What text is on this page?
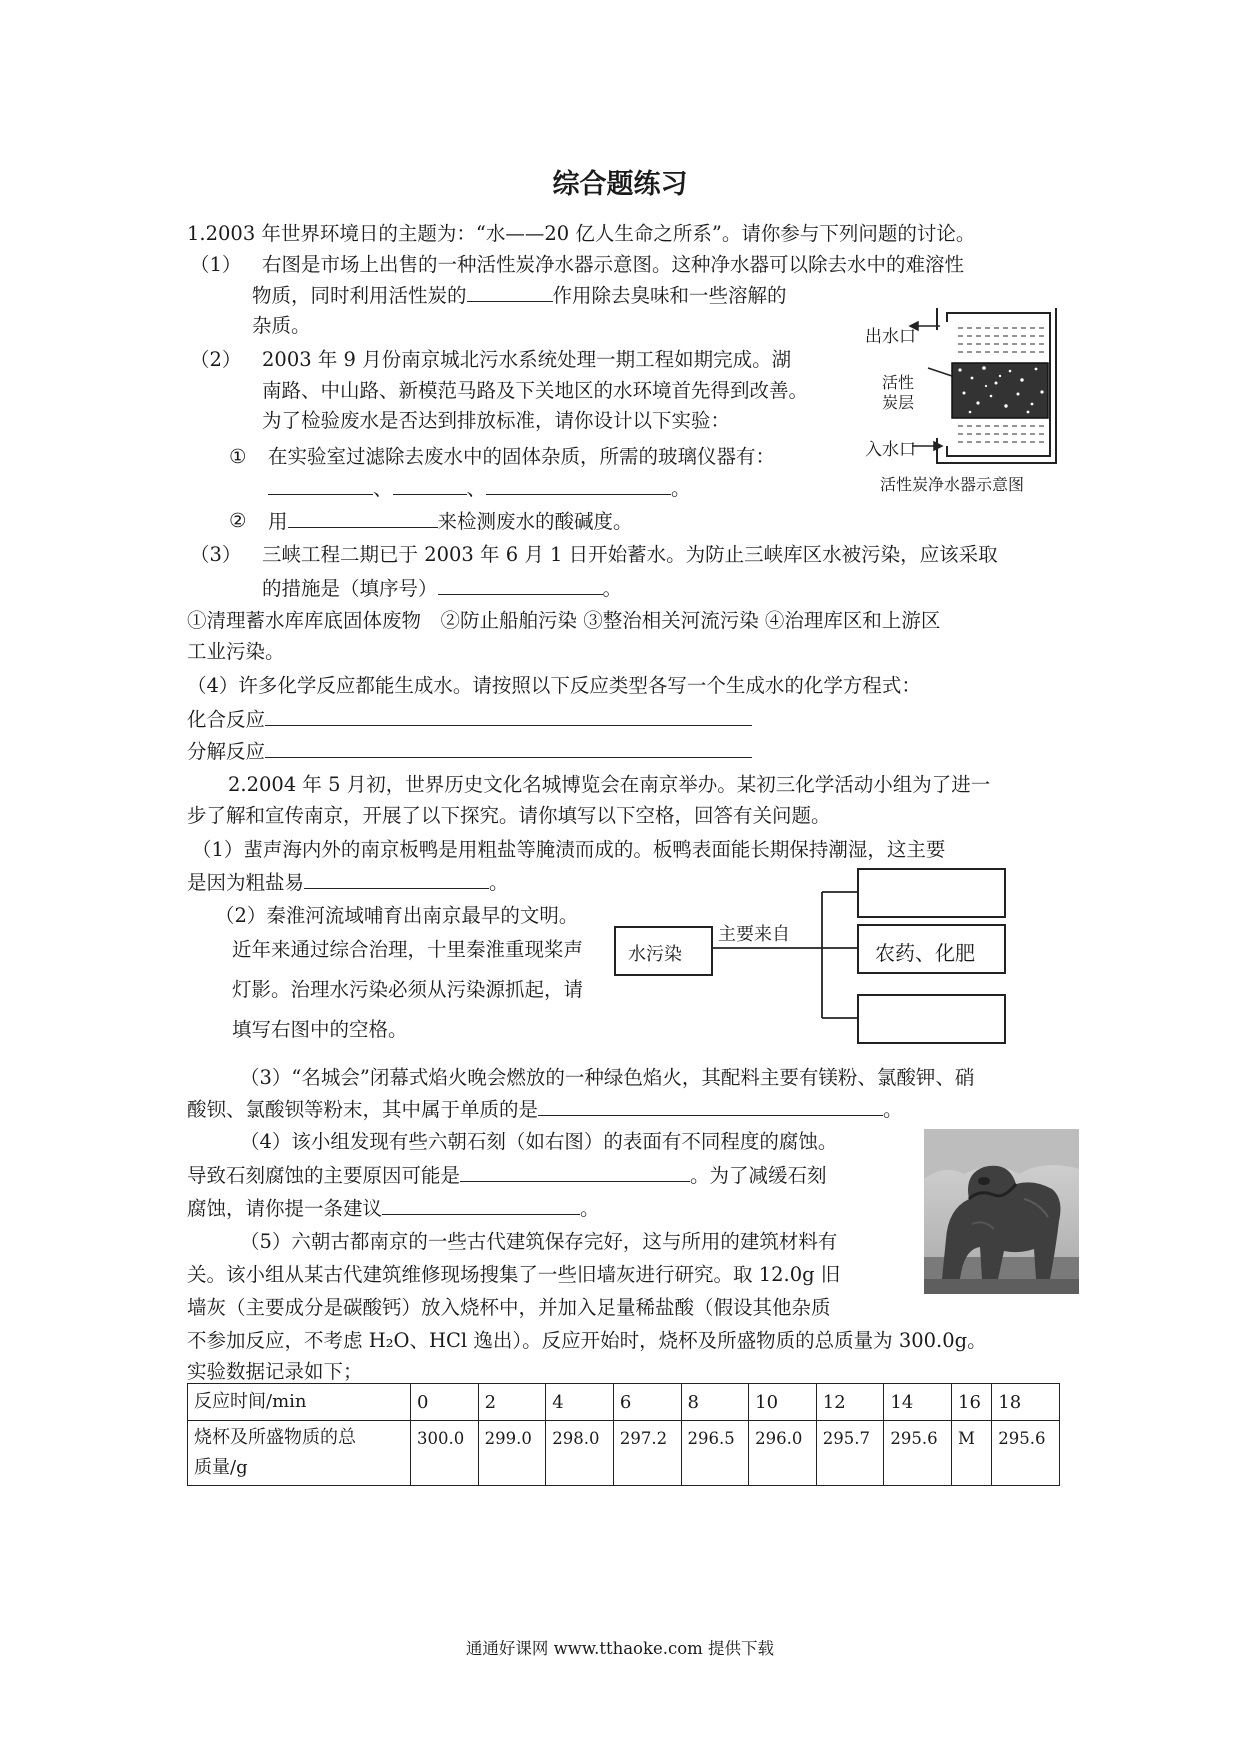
综合题练习
1.2003 年世界环境日的主题为：“水——20 亿人生命之所系”。请你参与下列问题的讨论。
（1） 右图是市场上出售的一种活性炭净水器示意图。这种净水器可以除去水中的难溶性
物质，同时利用活性炭的	作用除去臭味和一些溶解的
杂质。
（2） 2003 年 9 月份南京城北污水系统处理一期工程如期完成。湖
南路、中山路、新模范马路及下关地区的水环境首先得到改善。
为了检验废水是否达到排放标准，请你设计以下实验：
① 在实验室过滤除去废水中的固体杂质，所需的玻璃仪器有：
、	、	。
② 用	来检测废水的酸碱度。
（3） 三峡工程二期已于 2003 年 6 月 1 日开始蓄水。为防止三峡库区水被污染，应该采取
的措施是（填序号）	。
①清理蓄水库库底固体废物　②防止船舶污染 ③整治相关河流污染 ④治理库区和上游区
工业污染。
（4）许多化学反应都能生成水。请按照以下反应类型各写一个生成水的化学方程式：
化合反应
分解反应
出水口
活性
炭层
入水口
活性炭净水器示意图
2.2004 年 5 月初，世界历史文化名城博览会在南京举办。某初三化学活动小组为了进一
步了解和宣传南京，开展了以下探究。请你填写以下空格，回答有关问题。
（1）蜚声海内外的南京板鸭是用粗盐等腌渍而成的。板鸭表面能长期保持潮湿，这主要
是因为粗盐易	。
（2）秦淮河流域哺育出南京最早的文明。
近年来通过综合治理，十里秦淮重现桨声
灯影。治理水污染必须从污染源抓起，请
填写右图中的空格。
水污染
主要来自
农药、化肥
（3）“名城会”闭幕式焰火晚会燃放的一种绿色焰火，其配料主要有镁粉、氯酸钾、硝
酸钡、氯酸钡等粉末，其中属于单质的是	。
（4）该小组发现有些六朝石刻（如右图）的表面有不同程度的腐蚀。
导致石刻腐蚀的主要原因可能是	。为了减缓石刻
腐蚀，请你提一条建议	。
（5）六朝古都南京的一些古代建筑保存完好，这与所用的建筑材料有
关。该小组从某古代建筑维修现场搜集了一些旧墙灰进行研究。取 12.0g 旧
墙灰（主要成分是碳酸钙）放入烧杯中，并加入足量稀盐酸（假设其他杂质
不参加反应，不考虑 H₂O、HCl 逸出）。反应开始时，烧杯及所盛物质的总质量为 300.0g。
实验数据记录如下；
反应时间/min	0	2	4	6	8	10	12	14	16	18

烧杯及所盛物质的总
质量/g	300.0	299.0	298.0	297.2	296.5	296.0	295.7	295.6	M	295.6
通通好课网 www.tthaoke.com 提供下载
